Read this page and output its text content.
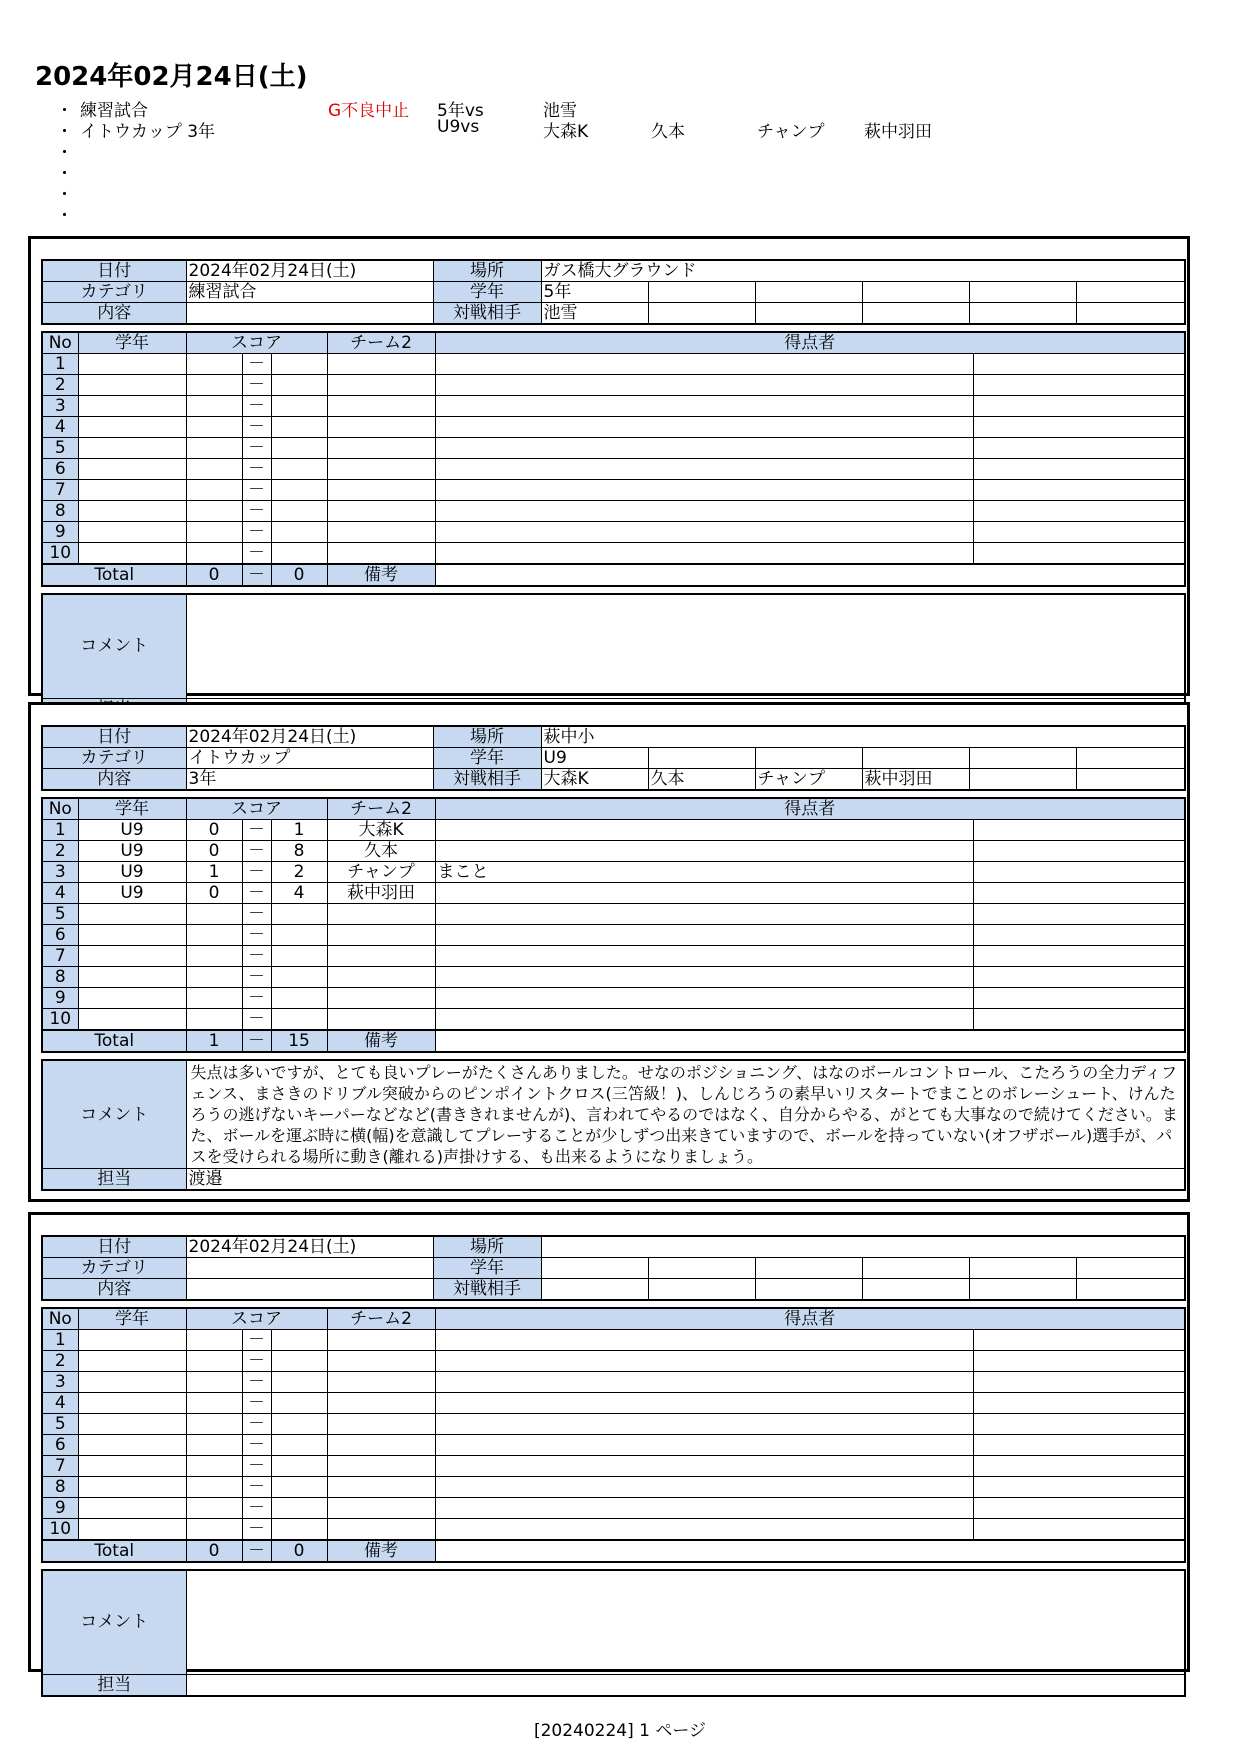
2024年02月24日(土)
・ 練習試合	G不良中止 5年vs	池雪
・ イトウカップ 3年	U9vs	大森K	久本	チャンプ 萩中羽田
・
・
・
・
日付	2024年02月24日(土)	場所	ガス橋大グラウンド					
カテゴリ	練習試合	学年	5年					
内容		対戦相手	池雪					
No	学年	スコア			チーム2	得点者	
1			－				
2			－				
3			－				
4			－				
5			－				
6			－				
7			－				
8			－				
9			－				
10			－				
Total		0	－	0	備考		
コメント	

日付	2024年02月24日(土)	場所	萩中小					
カテゴリ	イトウカップ	学年	U9					
内容	3年	対戦相手	大森K	久本	チャンプ	萩中羽田		
No	学年	スコア			チーム2	得点者	
1	U9	0	－	1	大森K		
2	U9	0	－	8	久本		
3	U9	1	－	2	チャンプ	まこと	
4	U9	0	－	4	萩中羽田		
5			－				
6			－				
7			－				
8			－				
9			－				
10			－				
Total		1	－	15	備考		
コメント	失点は多いですが、とても良いプレーがたくさんありました。せなのポジショニング、はなのボールコントロール、こたろうの全力ディフェンス、まさきのドリブル突破からのピンポイントクロス(三笘級！)、しんじろうの素早いリスタートでまことのボレーシュート、けんたろうの逃げないキーパーなどなど(書ききれませんが)、言われてやるのではなく、自分からやる、がとても大事なので続けてください。また、ボールを運ぶ時に横(幅)を意識してプレーすることが少しずつ出来きていますので、ボールを持っていない(オフザボール)選手が、パスを受けられる場所に動き(離れる)声掛けする、も出来るようになりましょう。
担当	渡邉
日付	2024年02月24日(土)	場所						
カテゴリ		学年						
内容		対戦相手						
No	学年	スコア			チーム2	得点者	
1			－				
2			－				
3			－				
4			－				
5			－				
6			－				
7			－				
8			－				
9			－				
10			－				
Total		0	－	0	備考		
コメント	
担当	
[20240224] 1 ページ
